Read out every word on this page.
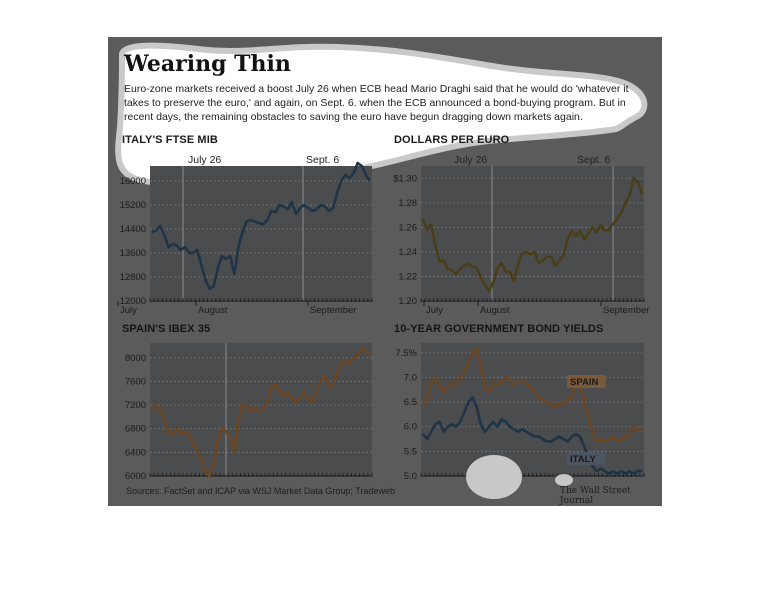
Wearing Thin

Euro-zone markets received a boost July 26 when ECB head Mario Draghi said that he would do 'whatever it takes to preserve the euro,' and again, on Sept. 6. when the ECB announced a bond-buying program. But in recent days, the remaining obstacles to saving the euro have begun dragging down markets again.

ITALY'S FTSE MIB	DOLLARS PER EURO
SPAIN'S IBEX 35	10-YEAR GOVERNMENT BOND YIELDS
July 26	Sept. 6	July 26	Sept. 6
16000
15200
14400
13600
12800
12000
July	August	September
$1.30
1.28
1.26
1.24
1.22
1.20
July	August	September
8000
7600
7200
6800
6400
6000
7.5%
7.0
6.5
6.0
5.5
5.0
SPAIN
ITALY
Sources: FactSet and ICAP via WSJ Market Data Group; Tradeweb	The Wall Street Journal
